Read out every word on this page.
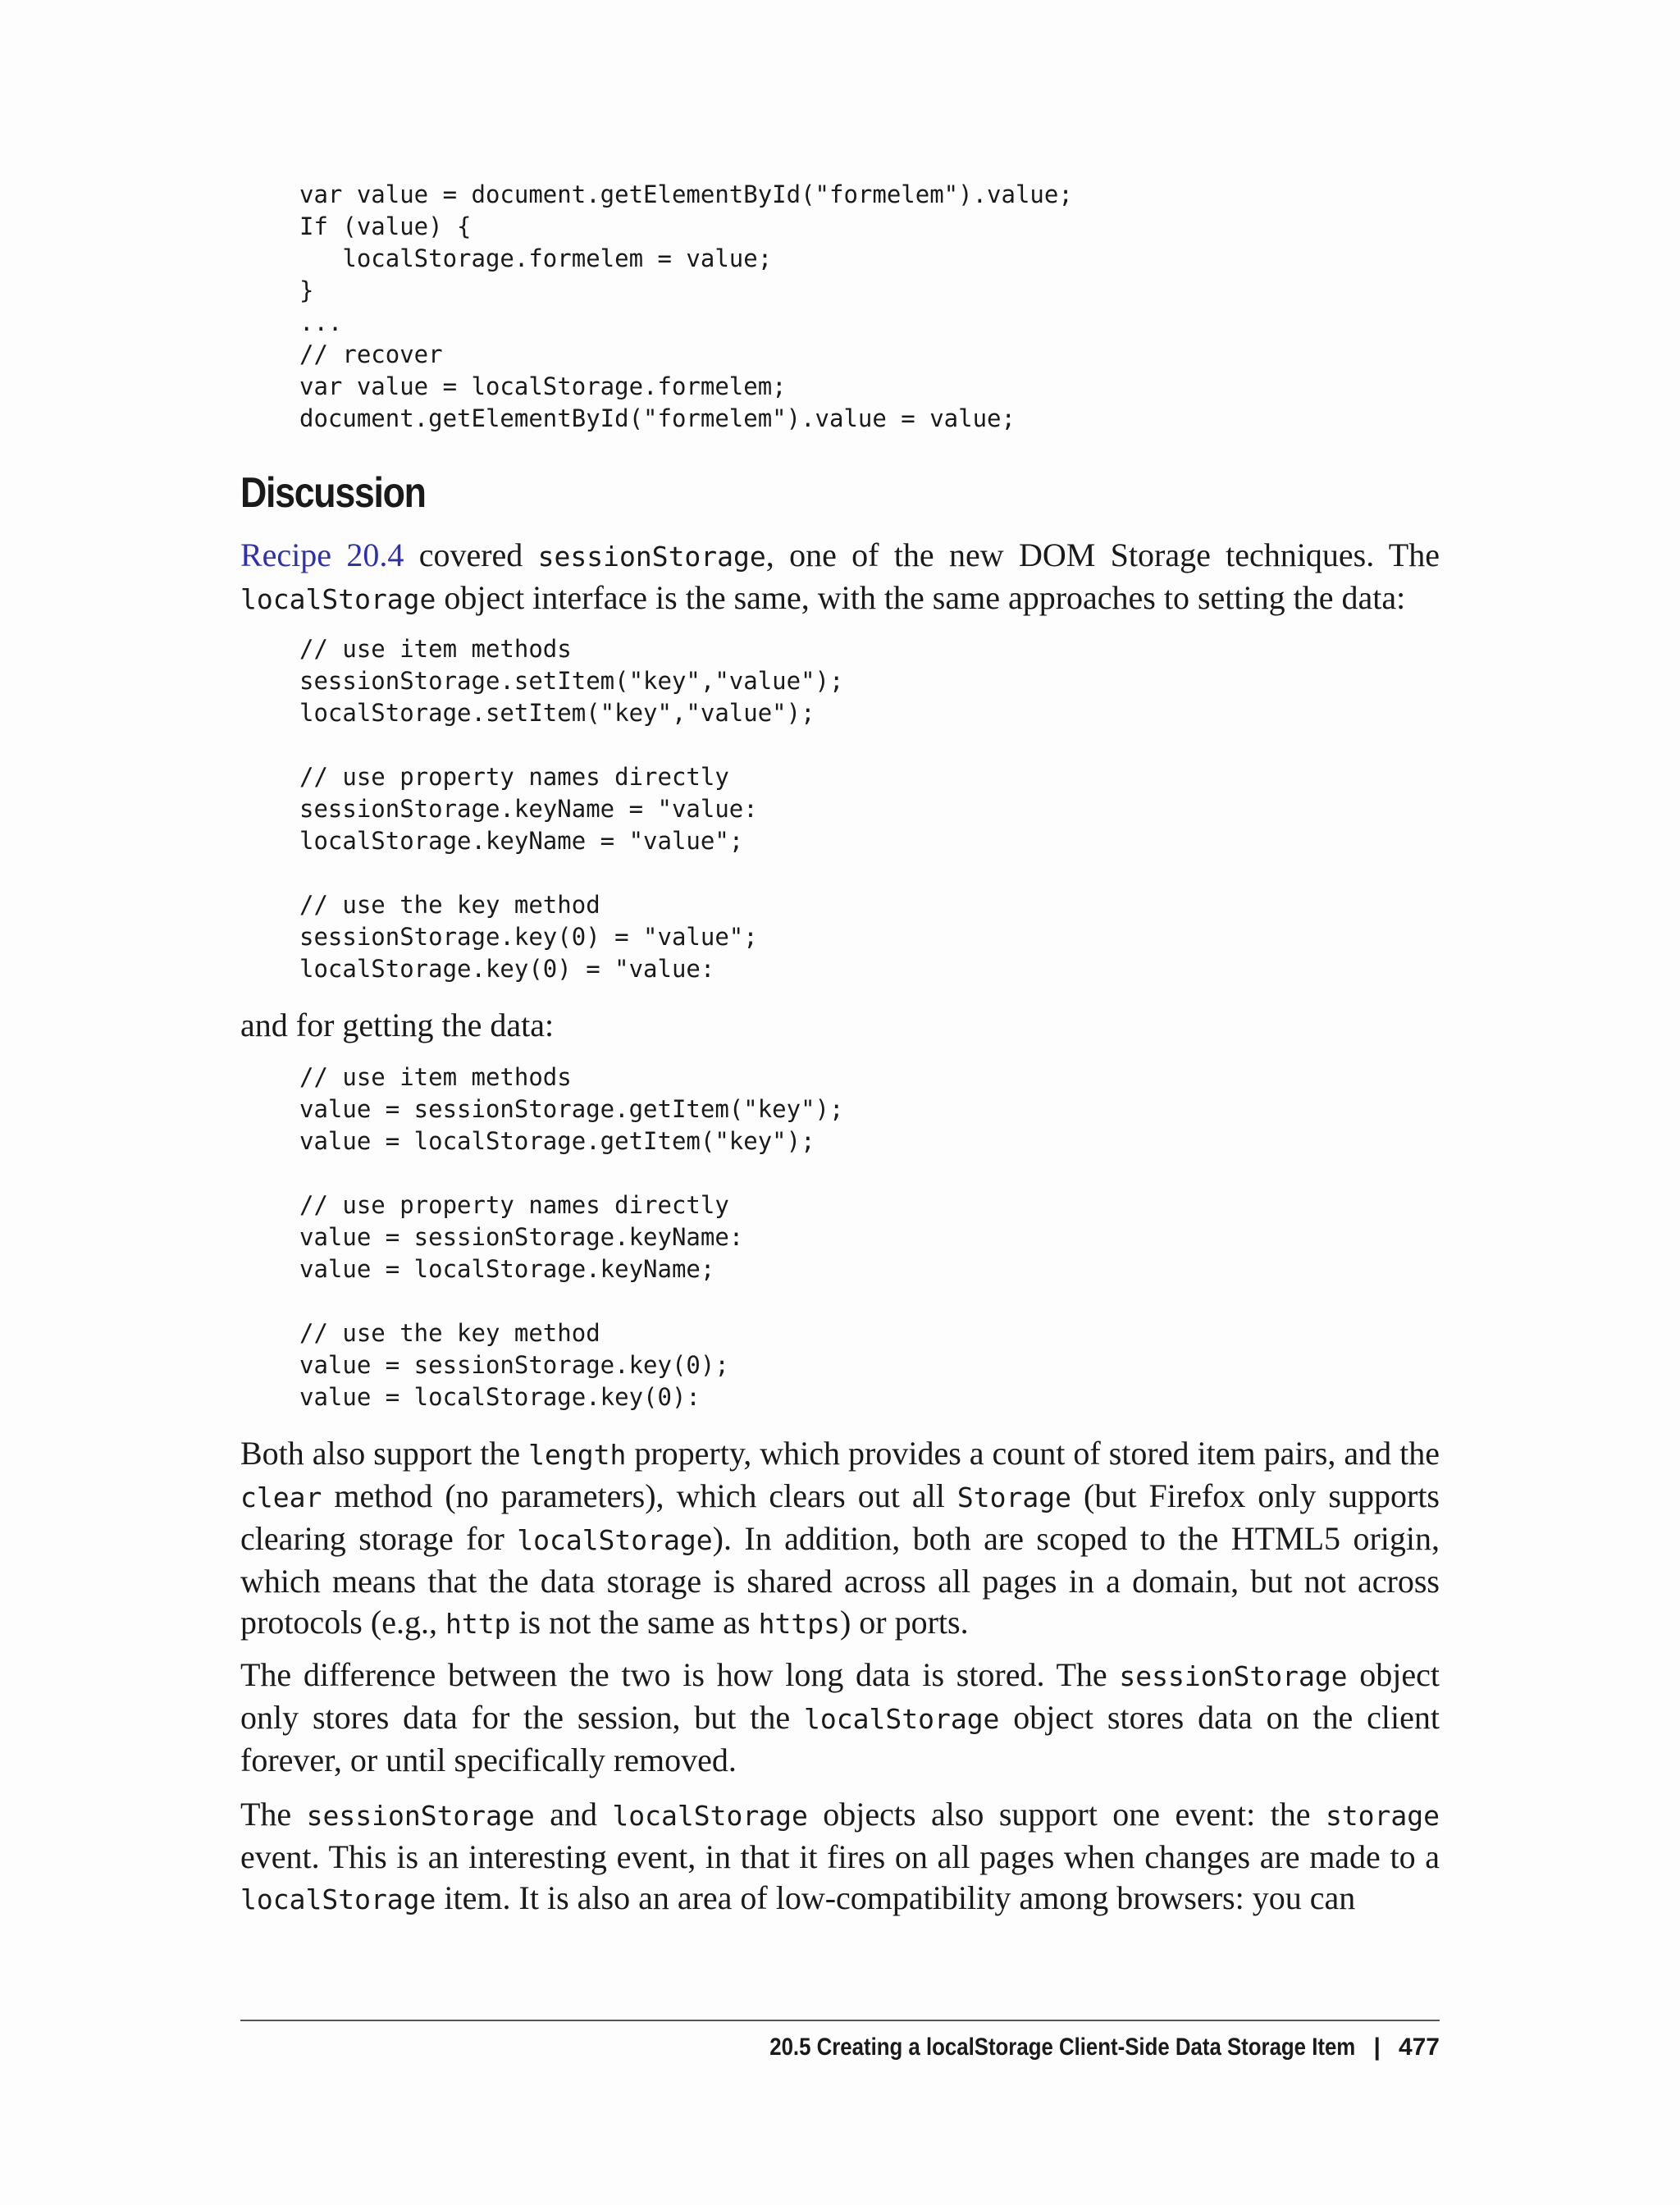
var value = document.getElementById("formelem").value;
If (value) {
localStorage.formelem = value;
}
...
// recover
var value = localStorage.formelem;
document.getElementById("formelem").value = value;
Discussion

Recipe 20.4 covered sessionStorage, one of the new DOM Storage techniques. The localStorage object interface is the same, with the same approaches to setting the data:

// use item methods
sessionStorage.setItem("key","value");
localStorage.setItem("key","value");
// use property names directly
sessionStorage.keyName = "value:
localStorage.keyName = "value";
// use the key method
sessionStorage.key(0) = "value";
localStorage.key(0) = "value:

and for getting the data:

// use item methods
value = sessionStorage.getItem("key");
value = localStorage.getItem("key");
// use property names directly
value = sessionStorage.keyName:
value = localStorage.keyName;
// use the key method
value = sessionStorage.key(0);
value = localStorage.key(0):

Both also support the length property, which provides a count of stored item pairs, and the clear method (no parameters), which clears out all Storage (but Firefox only supports clearing storage for localStorage). In addition, both are scoped to the HTML5 origin, which means that the data storage is shared across all pages in a domain, but not across protocols (e.g., http is not the same as https) or ports.

The difference between the two is how long data is stored. The sessionStorage object only stores data for the session, but the localStorage object stores data on the client forever, or until specifically removed.

The sessionStorage and localStorage objects also support one event: the storage event. This is an interesting event, in that it fires on all pages when changes are made to a localStorage item. It is also an area of low-compatibility among browsers: you can

20.5 Creating a localStorage Client-Side Data Storage Item | 477
